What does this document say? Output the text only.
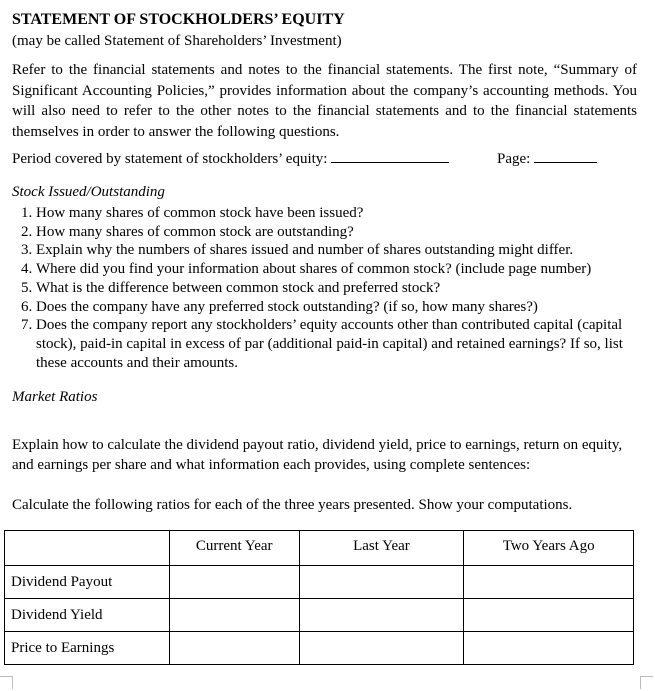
STATEMENT OF STOCKHOLDERS’ EQUITY

(may be called Statement of Shareholders’ Investment)

Refer to the financial statements and notes to the financial statements. The first note, “Summary of Significant Accounting Policies,” provides information about the company’s accounting methods. You will also need to refer to the other notes to the financial statements and to the financial statements themselves in order to answer the following questions.

Period covered by statement of stockholders’ equity:	Page:

Stock Issued/Outstanding

1. How many shares of common stock have been issued?
2. How many shares of common stock are outstanding?
3. Explain why the numbers of shares issued and number of shares outstanding might differ.
4. Where did you find your information about shares of common stock? (include page number)
5. What is the difference between common stock and preferred stock?
6. Does the company have any preferred stock outstanding? (if so, how many shares?)
7. Does the company report any stockholders’ equity accounts other than contributed capital (capital stock), paid-in capital in excess of par (additional paid-in capital) and retained earnings? If so, list these accounts and their amounts.

Market Ratios

Explain how to calculate the dividend payout ratio, dividend yield, price to earnings, return on equity, and earnings per share and what information each provides, using complete sentences:

Calculate the following ratios for each of the three years presented. Show your computations.

	Current Year	Last Year	Two Years Ago
Dividend Payout			
Dividend Yield			
Price to Earnings			
